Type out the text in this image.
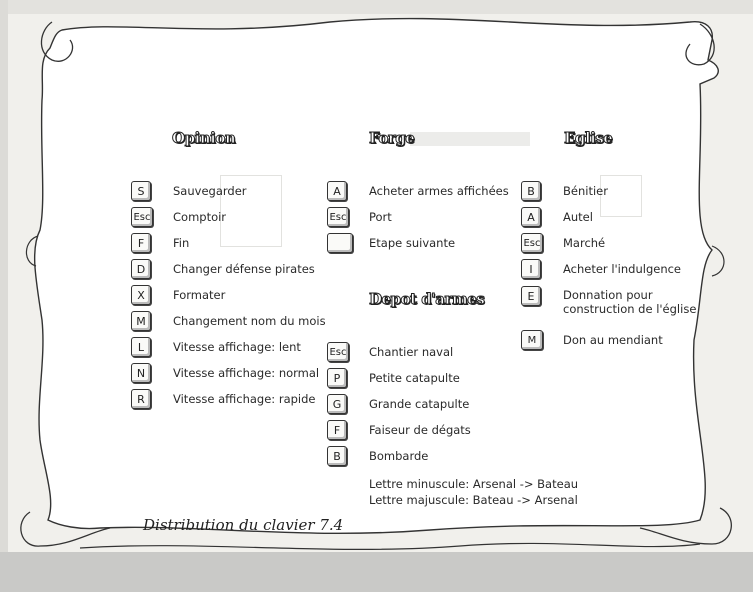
Opinion	Forge
Depot d'armes
Eglise
S	Sauvegarder
Esc Comptoir
F	Fin
D	Changer défense pirates
X	Formater
M	Changement nom du mois
L	Vitesse affichage: lent
N	Vitesse affichage: normal
R	Vitesse affichage: rapide
A	Acheter armes affichées
Esc Port
Etape suivante
Esc Chantier naval
P	Petite catapulte
G	Grande catapulte
F	Faiseur de dégats
B	Bombarde
Lettre minuscule: Arsenal -> Bateau
Lettre majuscule: Bateau -> Arsenal
B	Bénitier
A	Autel
Esc Marché
I	Acheter l'indulgence
E	Donnation pour construction de l'église
M	Don au mendiant
Distribution du clavier 7.4
